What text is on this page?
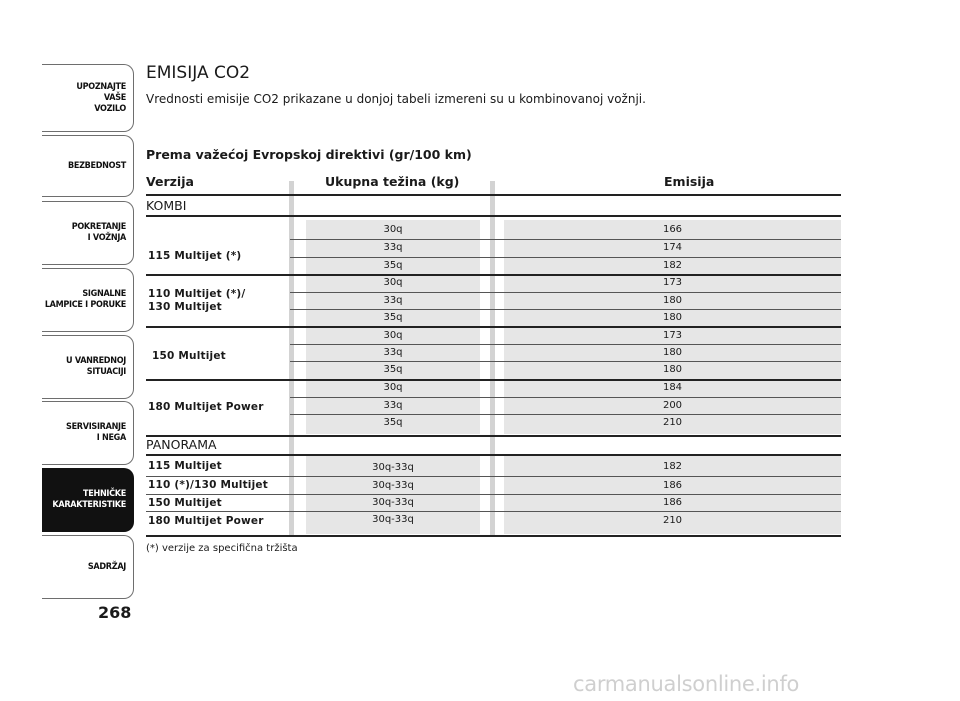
UPOZNAJTE
VAŠE
VOZILO
BEZBEDNOST
POKRETANJE
I VOŽNJA
SIGNALNE
LAMPICE I PORUKE
U VANREDNOJ
SITUACIJI
SERVISIRANJE
I NEGA
TEHNIČKE
KARAKTERISTIKE
SADRŽAJ
268
EMISIJA CO2
Vrednosti emisije CO2 prikazane u donjoj tabeli izmereni su u kombinovanoj vožnji.
Prema važećoj Evropskoj direktivi (gr/100 km)
Verzija	Ukupna težina (kg)	Emisija
KOMBI
115 Multijet (*)
30q	166
33q	174
35q	182
110 Multijet (*)/
130 Multijet
30q	173
33q	180
35q	180
150 Multijet
30q	173
33q	180
35q	180
180 Multijet Power
30q	184
33q	200
35q	210
PANORAMA
115 Multijet	30q-33q	182
110 (*)/130 Multijet	30q-33q	186
150 Multijet	30q-33q	186
180 Multijet Power	30q-33q	210
(*) verzije za specifična tržišta
carmanualsonline.info
